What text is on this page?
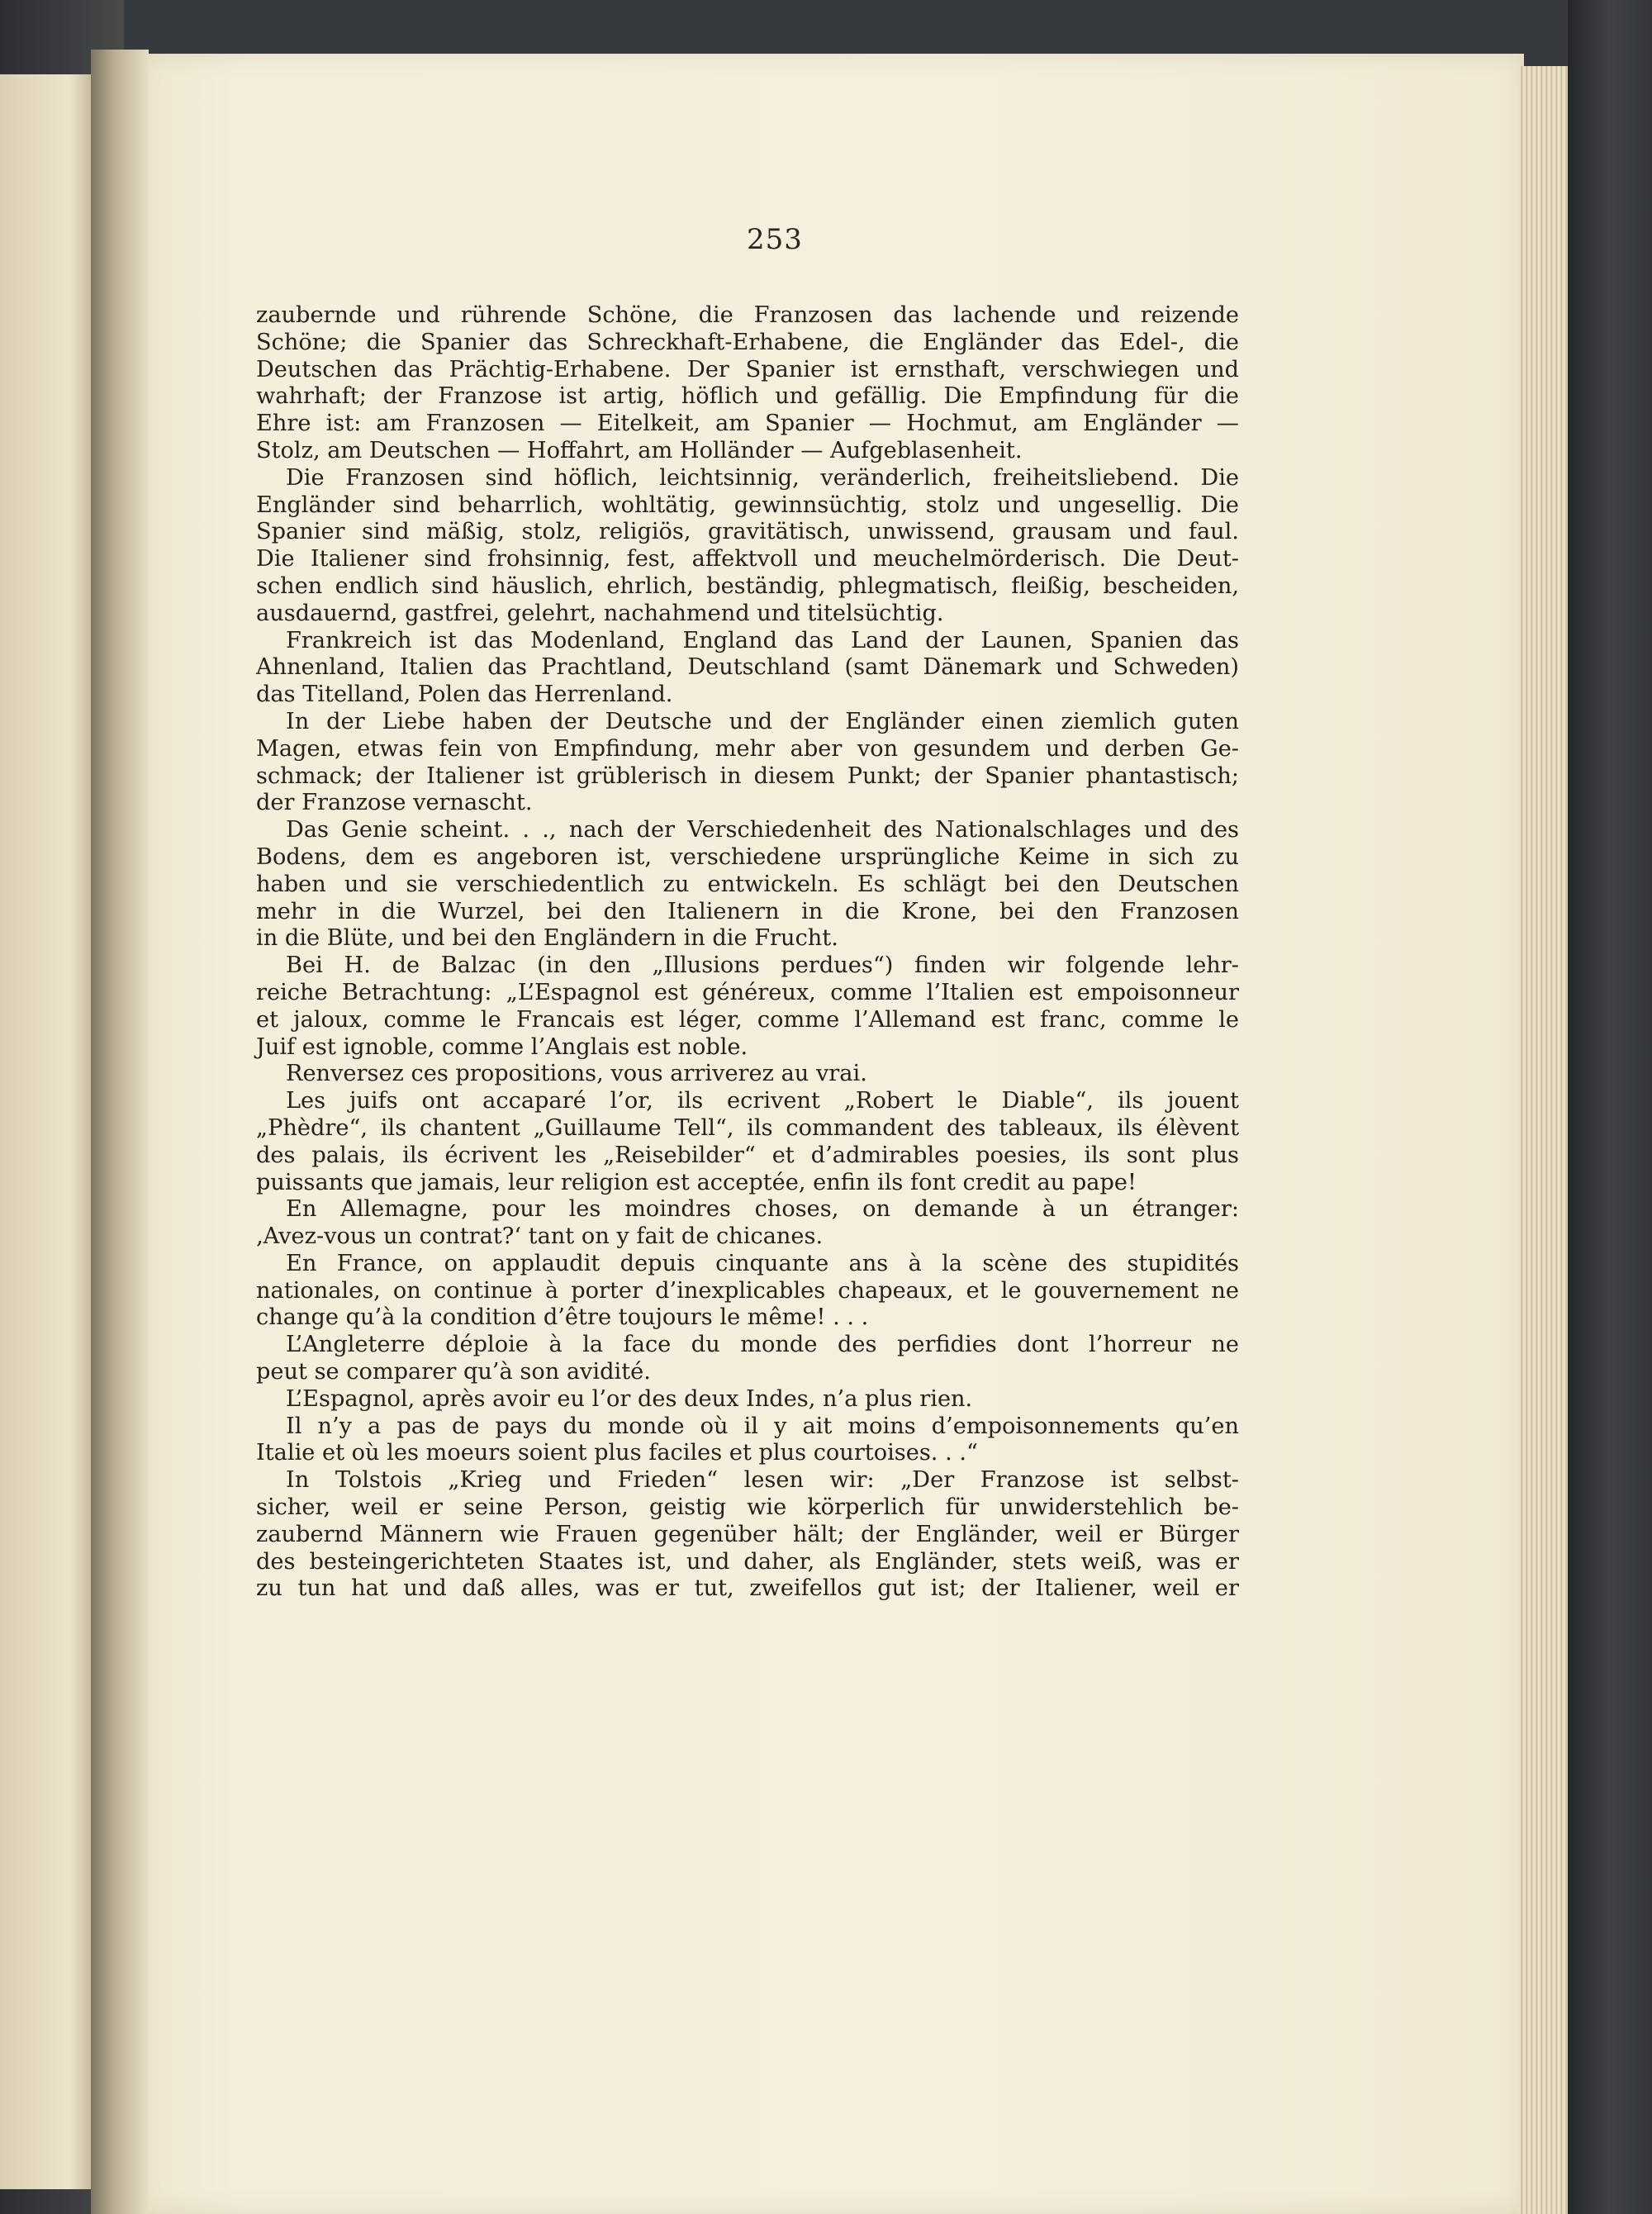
253

zaubernde und rührende Schöne, die Franzosen das lachende und reizende

Schöne; die Spanier das Schreckhaft-Erhabene, die Engländer das Edel-, die

Deutschen das Prächtig-Erhabene. Der Spanier ist ernsthaft, verschwiegen und

wahrhaft; der Franzose ist artig, höflich und gefällig. Die Empfindung für die

Ehre ist: am Franzosen — Eitelkeit, am Spanier — Hochmut, am Engländer —

Stolz, am Deutschen — Hoffahrt, am Holländer — Aufgeblasenheit.

Die Franzosen sind höflich, leichtsinnig, veränderlich, freiheitsliebend. Die

Engländer sind beharrlich, wohltätig, gewinnsüchtig, stolz und ungesellig. Die

Spanier sind mäßig, stolz, religiös, gravitätisch, unwissend, grausam und faul.

Die Italiener sind frohsinnig, fest, affektvoll und meuchelmörderisch. Die Deut-

schen endlich sind häuslich, ehrlich, beständig, phlegmatisch, fleißig, bescheiden,

ausdauernd, gastfrei, gelehrt, nachahmend und titelsüchtig.

Frankreich ist das Modenland, England das Land der Launen, Spanien das

Ahnenland, Italien das Prachtland, Deutschland (samt Dänemark und Schweden)

das Titelland, Polen das Herrenland.

In der Liebe haben der Deutsche und der Engländer einen ziemlich guten

Magen, etwas fein von Empfindung, mehr aber von gesundem und derben Ge-

schmack; der Italiener ist grüblerisch in diesem Punkt; der Spanier phantastisch;

der Franzose vernascht.

Das Genie scheint. . ., nach der Verschiedenheit des Nationalschlages und des

Bodens, dem es angeboren ist, verschiedene ursprüngliche Keime in sich zu

haben und sie verschiedentlich zu entwickeln. Es schlägt bei den Deutschen

mehr in die Wurzel, bei den Italienern in die Krone, bei den Franzosen

in die Blüte, und bei den Engländern in die Frucht.

Bei H. de Balzac (in den „Illusions perdues“) finden wir folgende lehr-

reiche Betrachtung: „L’Espagnol est généreux, comme l’Italien est empoisonneur

et jaloux, comme le Francais est léger, comme l’Allemand est franc, comme le

Juif est ignoble, comme l’Anglais est noble.

Renversez ces propositions, vous arriverez au vrai.

Les juifs ont accaparé l’or, ils ecrivent „Robert le Diable“, ils jouent

„Phèdre“, ils chantent „Guillaume Tell“, ils commandent des tableaux, ils élèvent

des palais, ils écrivent les „Reisebilder“ et d’admirables poesies, ils sont plus

puissants que jamais, leur religion est acceptée, enfin ils font credit au pape!

En Allemagne, pour les moindres choses, on demande à un étranger:

‚Avez-vous un contrat?‘ tant on y fait de chicanes.

En France, on applaudit depuis cinquante ans à la scène des stupidités

nationales, on continue à porter d’inexplicables chapeaux, et le gouvernement ne

change qu’à la condition d’être toujours le même! . . .

L’Angleterre déploie à la face du monde des perfidies dont l’horreur ne

peut se comparer qu’à son avidité.

L’Espagnol, après avoir eu l’or des deux Indes, n’a plus rien.

Il n’y a pas de pays du monde où il y ait moins d’empoisonnements qu’en

Italie et où les moeurs soient plus faciles et plus courtoises. . .“

In Tolstois „Krieg und Frieden“ lesen wir: „Der Franzose ist selbst-

sicher, weil er seine Person, geistig wie körperlich für unwiderstehlich be-

zaubernd Männern wie Frauen gegenüber hält; der Engländer, weil er Bürger

des besteingerichteten Staates ist, und daher, als Engländer, stets weiß, was er

zu tun hat und daß alles, was er tut, zweifellos gut ist; der Italiener, weil er
